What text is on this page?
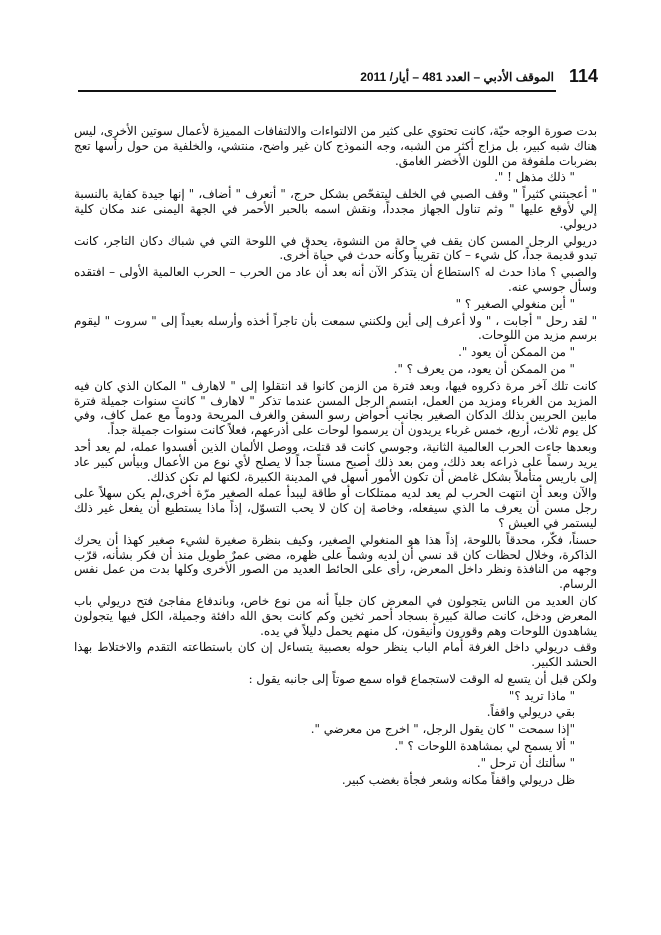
114
الموقف الأدبي – العدد 481 – أيار/ 2011

بدت صورة الوجه حيّة، كانت تحتوي على كثير من الالتواءات والالتفافات المميزة لأعمال سوتين الأخرى، ليس هناك شبه كبير، بل مزاج أكثر من الشبه، وجه النموذج كان غير واضح، منتشي، والخلفية من حول رأسها تعج بضربات ملفوفة من اللون الأخضر الغامق.

" ذلك مذهل ! ".

" أعجبتني كثيراً " وقف الصبي في الخلف ليتفحّص بشكل حرج، " أتعرف " أضاف، " إنها جيدة كفاية بالنسبة إلي لأوقع عليها " وثم تناول الجهاز مجدداً، ونقش اسمه بالحبر الأحمر في الجهة اليمنى عند مكان كلية دريولي.

دريولي الرجل المسن كان يقف في حالة من النشوة، يحدق في اللوحة التي في شباك دكان التاجر، كانت تبدو قديمة جداً، كل شيء – كان تقريباً وكأنه حدث في حياة أخرى.

والصبي ؟ ماذا حدث له ؟استطاع أن يتذكر الآن أنه بعد أن عاد من الحرب – الحرب العالمية الأولى – افتقده وسأل جوسي عنه.

" أين منغولي الصغير ؟ "

" لقد رحل " أجابت ، " ولا أعرف إلى أين ولكنني سمعت بأن تاجراً أخذه وأرسله بعيداً إلى " سروت " ليقوم برسم مزيد من اللوحات.

" من الممكن أن يعود ".

" من الممكن أن يعود، من يعرف ؟ ".

كانت تلك آخر مرة ذكروه فيها، وبعد فترة من الزمن كانوا قد انتقلوا إلى " لاهارف " المكان الذي كان فيه المزيد من الغرباء ومزيد من العمل، ابتسم الرجل المسن عندما تذكر " لاهارف " كانت سنوات جميلة فترة مابين الحربين بذلك الدكان الصغير بجانب أحواض رسو السفن والغرف المريحة ودوماً مع عمل كاف، وفي كل يوم ثلاث، أربع، خمس غرباء يريدون أن يرسموا لوحات على أذرعهم، فعلاً كانت سنوات جميلة جداً.

وبعدها جاءت الحرب العالمية الثانية، وجوسي كانت قد قتلت، ووصل الألمان الذين أفسدوا عمله، لم يعد أحد يريد رسماً على ذراعه بعد ذلك، ومن بعد ذلك أصبح مسناً جداً لا يصلح لأي نوع من الأعمال وبيأس كبير عاد إلى باريس متأملاً بشكل غامض أن تكون الأمور أسهل في المدينة الكبيرة، لكنها لم تكن كذلك.

والآن وبعد أن انتهت الحرب لم يعد لديه ممتلكات أو طاقة ليبدأ عمله الصغير مرّة أخرى،لم يكن سهلاً على رجل مسن أن يعرف ما الذي سيفعله، وخاصة إن كان لا يحب التسوّل، إذاً ماذا يستطيع أن يفعل غير ذلك ليستمر في العيش ؟

حسناً، فكّر، محدقاً باللوحة، إذاً هذا هو المنغولي الصغير، وكيف بنظرة صغيرة لشيء صغير كهذا أن يحرك الذاكرة، وخلال لحظات كان قد نسي أن لديه وشماً على ظهره، مضى عمرٌ طويل منذ أن فكر بشأنه، قرّب وجهه من النافذة ونظر داخل المعرض، رأى على الحائط العديد من الصور الأخرى وكلها بدت من عمل نفس الرسام.

كان العديد من الناس يتجولون في المعرض كان جلياً أنه من نوع خاص، وباندفاع مفاجئ فتح دريولي باب المعرض ودخل، كانت صالة كبيرة بسجاد أحمر ثخين وكم كانت بحق الله دافئة وجميلة، الكل فيها يتجولون يشاهدون اللوحات وهم وقورون وأنيقون، كل منهم يحمل دليلاً في يده.

وقف دريولي داخل الغرفة أمام الباب ينظر حوله بعصبية يتساءل إن كان باستطاعته التقدم والاختلاط بهذا الحشد الكبير.

ولكن قبل أن يتسع له الوقت لاستجماع قواه سمع صوتاً إلى جانبه يقول :

" ماذا تريد ؟"

بقي دريولي واقفاً.

"إذا سمحت " كان يقول الرجل، " اخرج من معرضي ".

" ألا يسمح لي بمشاهدة اللوحات ؟ ".

" سألتك أن ترحل ".

ظل دريولي واقفاً مكانه وشعر فجأة بغضب كبير.
